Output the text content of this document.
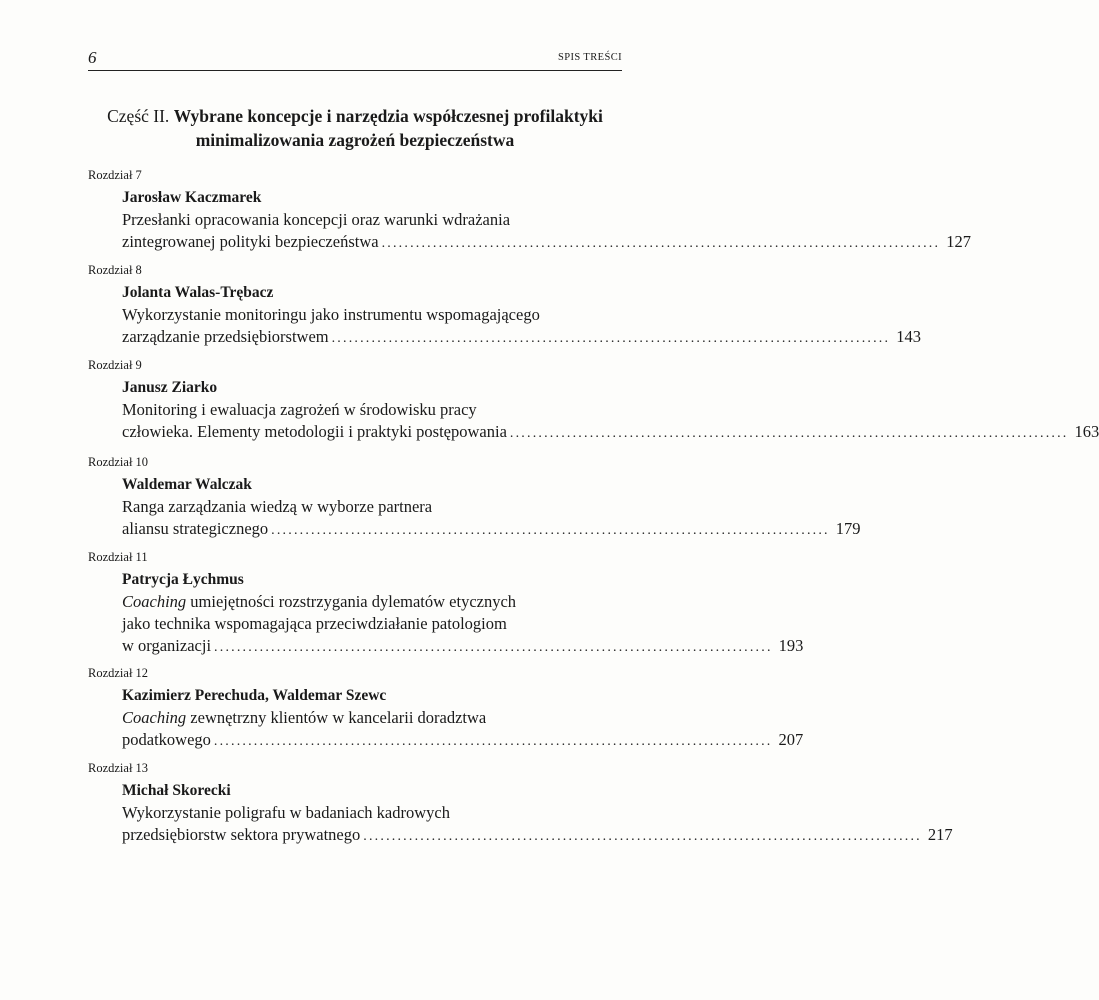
6	SPIS TREŚCI
Część II. Wybrane koncepcje i narzędzia współczesnej profilaktyki
minimalizowania zagrożeń bezpieczeństwa
Rozdział 7
Jarosław Kaczmarek
Przesłanki opracowania koncepcji oraz warunki wdrażania
zintegrowanej polityki bezpieczeństwa .................................................................................................. 127
Rozdział 8
Jolanta Walas-Trębacz
Wykorzystanie monitoringu jako instrumentu wspomagającego
zarządzanie przedsiębiorstwem .................................................................................................. 143
Rozdział 9
Janusz Ziarko
Monitoring i ewaluacja zagrożeń w środowisku pracy
człowieka. Elementy metodologii i praktyki postępowania .................................................................................................. 163
Rozdział 10
Waldemar Walczak
Ranga zarządzania wiedzą w wyborze partnera
aliansu strategicznego .................................................................................................. 179
Rozdział 11
Patrycja Łychmus
Coaching umiejętności rozstrzygania dylematów etycznych
jako technika wspomagająca przeciwdziałanie patologiom
w organizacji .................................................................................................. 193
Rozdział 12
Kazimierz Perechuda, Waldemar Szewc
Coaching zewnętrzny klientów w kancelarii doradztwa
podatkowego .................................................................................................. 207
Rozdział 13
Michał Skorecki
Wykorzystanie poligrafu w badaniach kadrowych
przedsiębiorstw sektora prywatnego .................................................................................................. 217
